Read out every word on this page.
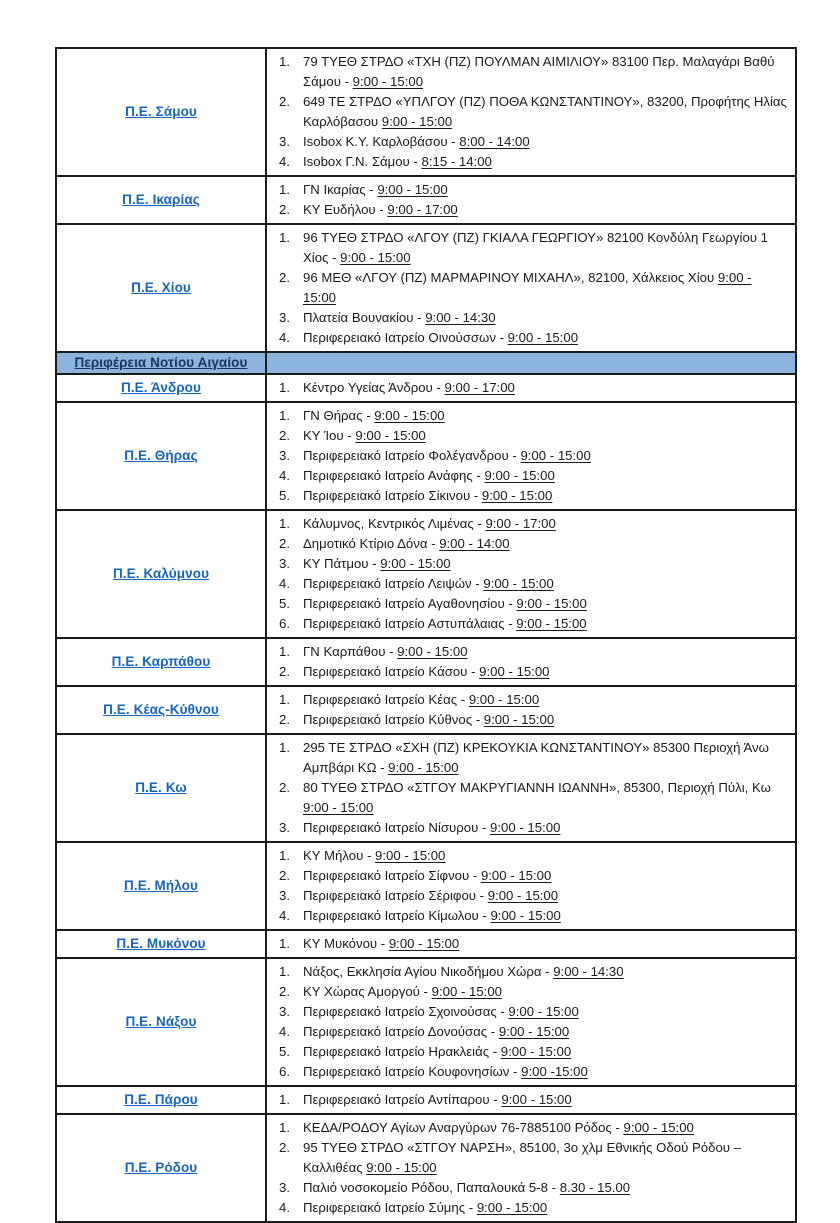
Π.Ε. Σάμου	
1. 79 ΤΥΕΘ ΣΤΡΔΟ «ΤΧΗ (ΠΖ) ΠΟΥΛΜΑΝ ΑΙΜΙΛΙΟΥ» 83100 Περ. Μαλαγάρι Βαθύ Σάμου - 9:00 - 15:00
2. 649 ΤΕ ΣΤΡΔΟ «ΥΠΛΓΟΥ (ΠΖ) ΠΟΘΑ ΚΩΝΣΤΑΝΤΙΝΟΥ», 83200, Προφήτης Ηλίας Καρλόβασου 9:00 - 15:00
3. Isobox Κ.Υ. Καρλοβάσου - 8:00 - 14:00
4. Isobox Γ.Ν. Σάμου - 8:15 - 14:00

Π.Ε. Ικαρίας	1. ΓΝ Ικαρίας - 9:00 - 15:00
2. ΚΥ Ευδήλου - 9:00 - 17:00

Π.Ε. Χίου	
1. 96 ΤΥΕΘ ΣΤΡΔΟ «ΛΓΟΥ (ΠΖ) ΓΚΙΑΛΑ ΓΕΩΡΓΙΟΥ» 82100 Κονδύλη Γεωργίου 1 Χίος - 9:00 - 15:00
2. 96 ΜΕΘ «ΛΓΟΥ (ΠΖ) ΜΑΡΜΑΡΙΝΟΥ ΜΙΧΑΗΛ», 82100, Χάλκειος Χίου 9:00 - 15:00
3. Πλατεία Βουνακίου - 9:00 - 14:30
4. Περιφερειακό Ιατρείο Οινούσσων - 9:00 - 15:00

Περιφέρεια Νοτίου Αιγαίου	
Π.Ε. Άνδρου	1. Κέντρο Υγείας Άνδρου - 9:00 - 17:00

Π.Ε. Θήρας	
1. ΓΝ Θήρας - 9:00 - 15:00
2. ΚΥ Ίου - 9:00 - 15:00
3. Περιφερειακό Ιατρείο Φολέγανδρου - 9:00 - 15:00
4. Περιφερειακό Ιατρείο Ανάφης - 9:00 - 15:00
5. Περιφερειακό Ιατρείο Σίκινου - 9:00 - 15:00

Π.Ε. Καλύμνου	
1. Κάλυμνος, Κεντρικός Λιμένας - 9:00 - 17:00
2. Δημοτικό Κτίριο Δόνα - 9:00 - 14:00
3. ΚΥ Πάτμου - 9:00 - 15:00
4. Περιφερειακό Ιατρείο Λειψών - 9:00 - 15:00
5. Περιφερειακό Ιατρείο Αγαθονησίου - 9:00 - 15:00
6. Περιφερειακό Ιατρείο Αστυπάλαιας - 9:00 - 15:00

Π.Ε. Καρπάθου	1. ΓΝ Καρπάθου - 9:00 - 15:00
2. Περιφερειακό Ιατρείο Κάσου - 9:00 - 15:00

Π.Ε. Κέας-Κύθνου	1. Περιφερειακό Ιατρείο Κέας - 9:00 - 15:00
2. Περιφερειακό Ιατρείο Κύθνος - 9:00 - 15:00

Π.Ε. Κω	
1. 295 ΤΕ ΣΤΡΔΟ «ΣΧΗ (ΠΖ) ΚΡΕΚΟΥΚΙΑ ΚΩΝΣΤΑΝΤΙΝΟΥ» 85300 Περιοχή Άνω Αμπβάρι ΚΩ - 9:00 - 15:00
2. 80 ΤΥΕΘ ΣΤΡΔΟ «ΣΤΓΟΥ ΜΑΚΡΥΓΙΑΝΝΗ ΙΩΑΝΝΗ», 85300, Περιοχή Πύλι, Κω 9:00 - 15:00
3. Περιφερειακό Ιατρείο Νίσυρου - 9:00 - 15:00

Π.Ε. Μήλου	
1. ΚΥ Μήλου - 9:00 - 15:00
2. Περιφερειακό Ιατρείο Σίφνου - 9:00 - 15:00
3. Περιφερειακό Ιατρείο Σέριφου - 9:00 - 15:00
4. Περιφερειακό Ιατρείο Κίμωλου - 9:00 - 15:00

Π.Ε. Μυκόνου	1. ΚΥ Μυκόνου - 9:00 - 15:00

Π.Ε. Νάξου	
1. Νάξος, Εκκλησία Αγίου Νικοδήμου Χώρα - 9:00 - 14:30
2. ΚΥ Χώρας Αμοργού - 9:00 - 15:00
3. Περιφερειακό Ιατρείο Σχοινούσας - 9:00 - 15:00
4. Περιφερειακό Ιατρείο Δονούσας - 9:00 - 15:00
5. Περιφερειακό Ιατρείο Ηρακλειάς - 9:00 - 15:00
6. Περιφερειακό Ιατρείο Κουφονησίων - 9:00 -15:00

Π.Ε. Πάρου	1. Περιφερειακό Ιατρείο Αντίπαρου - 9:00 - 15:00

Π.Ε. Ρόδου	
1. ΚΕΔΑ/ΡΟΔΟΥ Αγίων Αναργύρων 76-7885100 Ρόδος - 9:00 - 15:00
2. 95 ΤΥΕΘ ΣΤΡΔΟ «ΣΤΓΟΥ ΝΑΡΣΗ», 85100, 3ο χλμ Εθνικής Οδού Ρόδου – Καλλιθέας 9:00 - 15:00
3. Παλιό νοσοκομείο Ρόδου, Παπαλουκά 5-8 - 8.30 - 15.00
4. Περιφερειακό Ιατρείο Σύμης - 9:00 - 15:00
